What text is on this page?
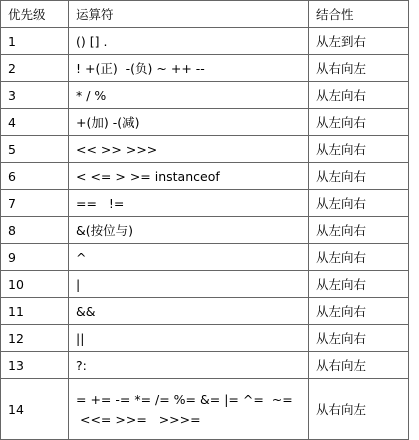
优先级	运算符	结合性
1	() [] .	从左到右
2	! +(正)  -(负) ~ ++ --	从右向左
3	* / %	从左向右
4	+(加) -(减)	从左向右
5	<< >> >>>	从左向右
6	< <= > >= instanceof	从左向右
7	==   !=	从左向右
8	&(按位与)	从左向右
9	^	从左向右
10	|	从左向右
11	&&	从左向右
12	||	从左向右
13	?:	从右向左
14	= += -= *= /= %= &= |= ^=  ~=
<<= >>=   >>>=	从右向左
